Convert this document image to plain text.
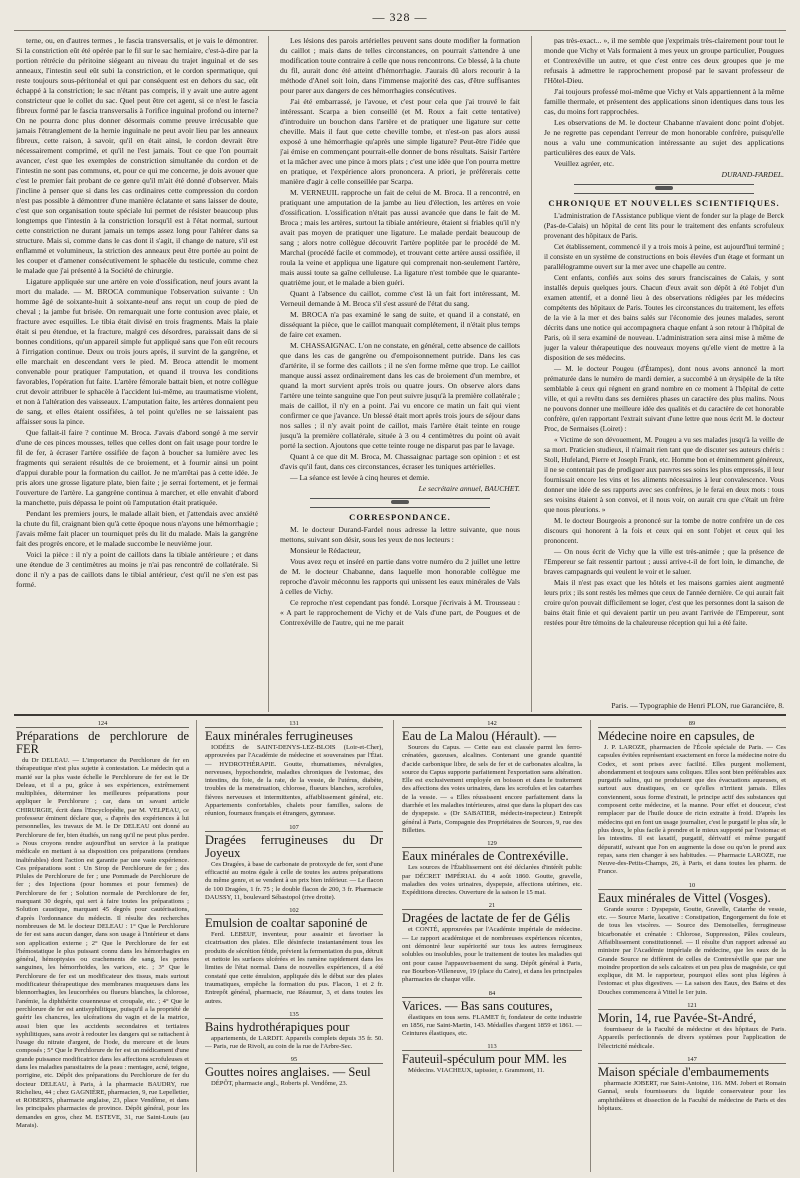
— 328 —

terne, ou, en d'autres termes , le fascia transversalis, et je vais le démontrer. Si la constriction eût été opérée par le fil sur le sac herniaire, c'est-à-dire par la portion rétrécie du péritoine siégeant au niveau du trajet inguinal et de ses anneaux, l'intestin seul eût subi la constriction, et le cordon spermatique, qui reste toujours sous-péritonéal et qui par conséquent est en dehors du sac, eût échappé à la constriction; le sac n'étant pas compris, il y avait une autre agent constricteur que le collet du sac. Quel peut être cet agent, si ce n'est le fascia fibreux formé par le fascia transversalis à l'orifice inguinal profond ou interne? On ne pourra donc plus donner désormais comme preuve irrécusable que jamais l'étranglement de la hernie inguinale ne peut avoir lieu par les anneaux fibreux, cette raison, à savoir, qu'il en était ainsi, le cordon devrait être nécessairement comprimé, et qu'il ne l'est jamais. Tout ce que l'on pourrait avancer, c'est que les exemples de constriction simultanée du cordon et de l'intestin ne sont pas communs, et, pour ce qui me concerne, je dois avouer que c'est le premier fait probant de ce genre qu'il m'ait été donné d'observer. Mais j'incline à penser que si dans les cas ordinaires cette compression du cordon n'est pas possible à démontrer d'une manière éclatante et sans laisser de doute, c'est que son organisation toute spéciale lui permet de résister beaucoup plus longtemps que l'intestin à la constriction lorsqu'il est à l'état normal, surtout cette constriction ne durant jamais un temps assez long pour l'altérer dans sa structure. Mais si, comme dans le cas dont il s'agit, il change de nature, s'il est enflammé et volumineux, la striction des anneaux peut être portée au point de les couper et d'amener consécutivement le sphacèle du testicule, comme chez le malade que j'ai présenté à la Société de chirurgie.

Ligature appliquée sur une artère en voie d'ossification, neuf jours avant la mort du malade. — M. BROCA communique l'observation suivante : Un homme âgé de soixante-huit à soixante-neuf ans reçut un coup de pied de cheval ; la jambe fut brisée. On remarquait une forte contusion avec plaie, et fracture avec esquilles. Le tibia était divisé en trois fragments. Mais la plaie était si peu étendue, et la fracture, malgré ces désordres, paraissait dans de si bonnes conditions, qu'un appareil simple fut appliqué sans que l'on eût recours à l'irrigation continue. Deux ou trois jours après, il survint de la gangrène, et elle marchait en descendant vers le pied. M. Broca attendit le moment convenable pour pratiquer l'amputation, et quand il trouva les conditions favorables, l'opération fut faite. L'artère fémorale battait bien, et notre collègue crut devoir attribuer le sphacèle à l'accident lui-même, au traumatisme violent, et non à l'altération des vaisseaux. L'amputation faite, les artères donnaient peu de sang, et elles étaient ossifiées, à tel point qu'elles ne se laissaient pas affaisser sous la pince.

Que fallait-il faire ? continue M. Broca. J'avais d'abord songé à me servir d'une de ces pinces mousses, telles que celles dont on fait usage pour tordre le fil de fer, à écraser l'artère ossifiée de façon à boucher sa lumière avec les fragments qui seraient résultés de ce broiement, et à fournir ainsi un point d'appui durable pour la formation du caillot. Je ne m'arrêtai pas à cette idée. Je pris alors une grosse ligature plate, bien faite ; je serrai fortement, et je fermai l'ouverture de l'artère. La gangrène continua à marcher, et elle envahit d'abord la manchette, puis dépassa le point où l'amputation était pratiquée.

Pendant les premiers jours, le malade allait bien, et j'attendais avec anxiété la chute du fil, craignant bien qu'à cette époque nous n'ayons une hémorrhagie ; j'avais même fait placer un tourniquet près du lit du malade. Mais la gangrène fait des progrès encore, et le malade succombe le neuvième jour.

Voici la pièce : il n'y a point de caillots dans la tibiale antérieure ; et dans une étendue de 3 centimètres au moins je n'ai pas rencontré de collatérale. Si donc il n'y a pas de caillots dans le tibial antérieur, c'est qu'il ne s'en est pas formé.

Les lésions des parois artérielles peuvent sans doute modifier la formation du caillot ; mais dans de telles circonstances, on pourrait s'attendre à une modification toute contraire à celle que nous rencontrons. Ce blessé, à la chute du fil, aurait donc été atteint d'hémorrhagie. J'aurais dû alors recourir à la méthode d'Anel soit loin, dans l'immense majorité des cas, d'être suffisantes pour parer aux dangers de ces hémorrhagies consécutives.

J'ai été embarrassé, je l'avoue, et c'est pour cela que j'ai trouvé le fait intéressant. Scarpa a bien conseillé (et M. Roux a fait cette tentative) d'introduire un bouchon dans l'artère et de pratiquer une ligature sur cette cheville. Mais il faut que cette cheville tombe, et n'est-on pas alors aussi exposé à une hémorrhagie qu'après une simple ligature? Peut-être l'idée que j'ai émise en commençant pourrait-elle donner de bons résultats. Saisir l'artère et la mâcher avec une pince à mors plats ; c'est une idée que l'on pourra mettre en pratique, et l'expérience alors prononcera. A priori, je préférerais cette manière d'agir à celle conseillée par Scarpa.

M. VERNEUIL rapproche un fait de celui de M. Broca. Il a rencontré, en pratiquant une amputation de la jambe au lieu d'élection, les artères en voie d'ossification. L'ossification n'était pas aussi avancée que dans le fait de M. Broca ; mais les artères, surtout la tibiale antérieure, étaient si friables qu'il n'y avait pas moyen de pratiquer une ligature. Le malade perdait beaucoup de sang ; alors notre collègue découvrit l'artère poplitée par le procédé de M. Marchal (procédé facile et commode), et trouvant cette artère aussi ossifiée, il roula la veine et appliqua une ligature qui comprenait non-seulement l'artère, mais aussi toute sa gaîne celluleuse. La ligature n'est tombée que le quarante-quatrième jour, et le malade a bien guéri.

Quant à l'absence du caillot, comme c'est là un fait fort intéressant, M. Verneuil demande à M. Broca s'il s'est assuré de l'état du sang.

M. BROCA n'a pas examiné le sang de suite, et quand il a constaté, en disséquant la pièce, que le caillot manquait complétement, il n'était plus temps de faire cet examen.

M. CHASSAIGNAC. L'on ne constate, en général, cette absence de caillots que dans les cas de gangrène ou d'empoisonnement putride. Dans les cas d'artérite, il se forme des caillots ; il ne s'en forme même que trop. Le caillot manque aussi assez ordinairement dans les cas de broiement d'un membre, et quand la mort survient après trois ou quatre jours. On observe alors dans l'artère une teinte sanguine que l'on peut suivre jusqu'à la première collatérale ; mais de caillot, il n'y en a point. J'ai vu encore ce matin un fait qui vient confirmer ce que j'avance. Un blessé était mort après trois jours de séjour dans nos salles ; il n'y avait point de caillot, mais l'artère était teinte en rouge jusqu'à la première collatérale, située à 3 ou 4 centimètres du point où avait porté la section. Ajoutons que cette teinte rouge ne disparut pas par le lavage.

Quant à ce que dit M. Broca, M. Chassaignac partage son opinion : et est d'avis qu'il faut, dans ces circonstances, écraser les tuniques artérielles.

— La séance est levée à cinq heures et demie.

Le secrétaire annuel, BAUCHET.

CORRESPONDANCE.

M. le docteur Durand-Fardel nous adresse la lettre suivante, que nous mettons, suivant son désir, sous les yeux de nos lecteurs :

Monsieur le Rédacteur,

Vous avez reçu et inséré en partie dans votre numéro du 2 juillet une lettre de M. le docteur Chabanne, dans laquelle mon honorable collègue me reproche d'avoir méconnu les rapports qui unissent les eaux minérales de Vals à celles de Vichy.

Ce reproche n'est cependant pas fondé. Lorsque j'écrivais à M. Trousseau : « A part le rapprochement de Vichy et de Vals d'une part, de Pougues et de Contrexéville de l'autre, qui ne me parait

pas très-exact... », il me semble que j'exprimais très-clairement pour tout le monde que Vichy et Vals formaient à mes yeux un groupe particulier, Pougues et Contrexéville un autre, et que c'est entre ces deux groupes que je me refusais à admettre le rapprochement proposé par le savant professeur de l'Hôtel-Dieu.

J'ai toujours professé moi-même que Vichy et Vals appartiennent à la même famille thermale, et présentent des applications sinon identiques dans tous les cas, du moins fort rapprochées.

Les observations de M. le docteur Chabanne n'avaient donc point d'objet. Je ne regrette pas cependant l'erreur de mon honorable confrère, puisqu'elle nous a valu une communication intéressante au sujet des applications particulières des eaux de Vals.

Veuillez agréer, etc.

DURAND-FARDEL.

CHRONIQUE ET NOUVELLES SCIENTIFIQUES.

L'administration de l'Assistance publique vient de fonder sur la plage de Berck (Pas-de-Calais) un hôpital de cent lits pour le traitement des enfants scrofuleux provenant des hôpitaux de Paris.

Cet établissement, commencé il y a trois mois à peine, est aujourd'hui terminé ; il consiste en un système de constructions en bois élevées d'un étage et formant un parallélogramme ouvert sur la mer avec une chapelle au centre.

Cent enfants, confiés aux soins des sœurs franciscaines de Calais, y sont installés depuis quelques jours. Chacun d'eux avait son dépôt à été l'objet d'un examen attentif, et a donné lieu à des observations rédigées par les médecins compétents des hôpitaux de Paris. Toutes les circonstances du traitement, les effets de la vie à la mer et des bains salés sur l'économie des jeunes malades, seront décrits dans une notice qui accompagnera chaque enfant à son retour à l'hôpital de Paris, où il sera examiné de nouveau. L'administration sera ainsi mise à même de juger la valeur thérapeutique des nouveaux moyens qu'elle vient de mettre à la disposition de ses médecins.

— M. le docteur Pougeu (d'Étampes), dont nous avons annoncé la mort prématurée dans le numéro de mardi dernier, a succombé à un érysipèle de la tête semblable à ceux qui régnent en grand nombre en ce moment à l'hôpital de cette ville, et qui a revêtu dans ses dernières phases un caractère des plus malins. Nous ne pouvons donner une meilleure idée des qualités et du caractère de cet honorable confrère, qu'en rapportant l'extrait suivant d'une lettre que nous écrit M. le docteur Proc, de Sermaises (Loiret) :

« Victime de son dévouement, M. Pougeu a vu ses malades jusqu'à la veille de sa mort. Praticien studieux, il n'aimait rien tant que de discuter ses auteurs chéris : Stoll, Hufeland, Pierre et Joseph Frank, etc. Homme bon et éminemment généreux, il ne se contentait pas de prodiguer aux pauvres ses soins les plus empressés, il leur fournissait encore les vins et les aliments nécessaires à leur convalescence. Vous donner une idée de ses rapports avec ses confrères, je le ferai en deux mots : tous ses voisins étaient à son convoi, et il nous voir, on aurait cru que c'était un frère que nous pleurions. »

M. le docteur Bourgeois a prononcé sur la tombe de notre confrère un de ces discours qui honorent à la fois et ceux qui en sont l'objet et ceux qui les prononcent.

— On nous écrit de Vichy que la ville est très-animée ; que la présence de l'Empereur se fait ressentir partout ; aussi arrive-t-il de fort loin, le dimanche, de braves campagnards qui veulent le voir et le saluer.

Mais il n'est pas exact que les hôtels et les maisons garnies aient augmenté leurs prix ; ils sont restés les mêmes que ceux de l'année dernière. Ce qui aurait fait croire qu'on pouvait difficilement se loger, c'est que les personnes dont la saison de bains était finie et qui devaient partir un peu avant l'arrivée de l'Empereur, sont restées pour être témoins de la chaleureuse réception qui lui a été faite.

Paris. — Typographie de Henri PLON, rue Garancière, 8.
124
Préparations de perchlorure de FER

du Dr DELEAU. — L'importance du Perchlorure de fer en thérapeutique n'est plus sujette à contestation. Le médecin qui a manié sur la plus vaste échelle le Perchlorure de fer est le Dr Deleau, et il a pu, grâce à ses expériences, extrêmement multipliées, déterminer les meilleures préparations pour appliquer le Perchlorure ; car, dans un savant article CHIRURGIE, écrit dans l'Encyclopédie, par M. VELPEAU, ce professeur éminent déclare que, « d'après des expériences à lui personnelles, les travaux de M. le Dr DELEAU ont donné au Perchlorure de fer, bien étudiés, un rang qu'il ne peut plus perdre. » Nous croyons rendre aujourd'hui un service à la pratique médicale en mettant à sa disposition ces préparations (rendues inaltérables) dont l'action est garantie par une vaste expérience. Ces préparations sont : Un Sirop de Perchlorure de fer ; des Pilules de Perchlorure de fer ; une Pommade de Perchlorure de fer ; des Injections (pour hommes et pour femmes) de Perchlorure de fer ; Solution normale de Perchlorure de fer, marquant 30 degrés, qui sert à faire toutes les préparations ; Solution caustique, marquant 45 degrés pour cautérisations, d'après l'ordonnance du médecin. Il résulte des recherches nombreuses de M. le docteur DELEAU : 1° Que le Perchlorure de fer est sans aucun danger, dans son usage à l'intérieur et dans son application externe ; 2° Que le Perchlorure de fer est l'hémostatique le plus puissant connu dans les hémorrhagies en général, hémoptysies ou crachements de sang, les pertes sanguines, les hémorrhoïdes, les varices, etc. ; 3° Que le Perchlorure de fer est un modificateur des tissus, mais surtout modificateur thérapeutique des membranes muqueuses dans les blennorrhagies, les leucorrhées ou flueurs blanches, la chlorose, l'anémie, la diphthérite couenneuse et croupale, etc. ; 4° Que le perchlorure de fer est antisyphilitique, puisqu'il a la propriété de guérir les chancres, les ulcérations du vagin et de la matrice, aussi bien que les accidents secondaires et tertiaires syphilitiques, sans avoir à redouter les dangers qui se rattachent à l'usage du nitrate d'argent, de l'iode, du mercure et de leurs composés ; 5° Que le Perchlorure de fer est un médicament d'une grande puissance modificatrice dans les affections scrofuleuses et dans les maladies parasitaires de la peau : mentagre, acné, teigne, porrigine, etc. Dépôt des préparations du Perchlorure de fer du docteur DELEAU, à Paris, à la pharmacie BAUDRY, rue Richelieu, 44 ; chez GAGNIÈRE, pharmacien, 9, rue Lepelletier, et ROBERTS, pharmacie anglaise, 23, place Vendôme, et dans les principales pharmacies de province. Dépôt général, pour les demandes en gros, chez M. ESTEVE, 31, rue Saint-Louis (au Marais).

131
Eaux minérales ferrugineuses

IODÉES de SAINT-DENYS-LEZ-BLOIS (Loir-et-Cher), approuvées par l'Académie de médecine et souveraines par l'État. — HYDROTHÉRAPIE. Goutte, rhumatismes, névralgies, nerveuses, hypochondrie, maladies chroniques de l'estomac, des intestins, du foie, de la rate, de la vessie, de l'utérus, diabète, troubles de la menstruation, chlorose, flueurs blanches, scrofules, fièvres nerveuses et intermittentes, affaiblissement général, etc. Appartements confortables, chalets pour familles, salons de réunion, fournaux français et étrangers, gymnase.

107
Dragées ferrugineuses du Dr Joyeux

Ces Dragées, à base de carbonate de protoxyde de fer, sont d'une efficacité au moins égale à celle de toutes les autres préparations du même genre, et se vendent à un prix bien inférieur. — Le flacon de 100 Dragées, 1 fr. 75 ; le double flacon de 200, 3 fr. Pharmacie DAUSSY, 11, boulevard Sébastopol (rive droite).

102
Emulsion de coaltar saponiné de

Ferd. LEBEUF, inventeur, pour assainir et favoriser la cicatrisation des plaies. Elle désinfecte instantanément tous les produits de sécrétion fétide, prévient la fermentation du pus, détruit et nettoie les surfaces ulcérées et les ramène rapidement dans les limites de l'état normal. Dans de nouvelles expériences, il a été constaté que cette émulsion, appliquée dès le début sur des plaies traumatiques, empêche la formation du pus. Flacon, 1 et 2 fr. Entrepôt général, pharmacie, rue Réaumur, 3, et dans toutes les autres.

135
Bains hydrothérapiques pour

appartements, de LARDIT. Appareils complets depuis 35 fr. 50. — Paris, rue de Rivoli, au coin de la rue de l'Arbre-Sec.

95
Gouttes noires anglaises. — Seul

DÉPÔT, pharmacie angl., Roberts pl. Vendôme, 23.

142
Eau de La Malou (Hérault). —

Sources du Capus. — Cette eau est classée parmi les ferro-crénatées, gazeuses, alcalines. Contenant une grande quantité d'acide carbonique libre, de sels de fer et de carbonates alcalins, la source du Capus supporte parfaitement l'exportation sans altération. Elle est exclusivement employée en boisson et dans le traitement des affections des voies urinaires, dans les scrofules et les catarrhes de la vessie. — « Elles réussissent encore parfaitement dans la diarrhée et les maladies intérieures, ainsi que dans la plupart des cas de dyspepsie. » (Dr SABATIER, médecin-inspecteur.) Entrepôt général à Paris, Compagnie des Propriétaires de Sources, 9, rue des Billettes.

129
Eaux minérales de Contrexéville.

Les sources de l'Établissement ont été déclarées d'intérêt public par DÉCRET IMPÉRIAL du 4 août 1860. Goutte, gravelle, maladies des voies urinaires, dyspepsie, affections utérines, etc. Expéditions directes. Ouverture de la saison le 15 mai.

21
Dragées de lactate de fer de Gélis

et CONTÉ, approuvées par l'Académie impériale de médecine. — Le rapport académique et de nombreuses expériences récentes, ont démontré leur supériorité sur tous les autres ferrugineux solubles ou insolubles, pour le traitement de toutes les maladies qui ont pour cause l'appauvrissement du sang. Dépôt général à Paris, rue Bourbon-Villeneuve, 19 (place du Caire), et dans les principales pharmacies de chaque ville.

84
Varices. — Bas sans coutures,

élastiques en tous sens. FLAMET fr, fondateur de cette industrie en 1856, rue Saint-Martin, 143. Médailles d'argent 1859 et 1861. — Ceintures élastiques, etc.

113
Fauteuil-spéculum pour MM. les

Médecins. VIACHEUX, tapissier, r. Grammont, 11.

89
Médecine noire en capsules, de

J. P. LAROZE, pharmacien de l'École spéciale de Paris. — Ces capsules évitées représentant exactement en force la médecine noire du Codex, et sont prises avec facilité. Elles purgent mollement, abondamment et toujours sans coliques. Elles sont bien préférables aux purgatifs salins, qui ne produisent que des évacuations aqueuses, et surtout aux drastiques, en ce qu'elles n'irritent jamais. Elles conviennent, sous forme d'extrait, le principe actif des substances qui composent cette médecine, et la manne. Pour effet et douceur, c'est remplacer par de l'huile douce de ricin extraite à froid. D'après les médecins qui en font un usage journalier, c'est le purgatif le plus sûr, le plus doux, le plus facile à prendre et le mieux supporté par l'estomac et les intestins. Il est laxatif, purgatif, dérivatif et même purgatif dépuratif, suivant que l'on en augmente la dose ou qu'on le prend aux repas, sans rien changer à ses habitudes. — Pharmacie LAROZE, rue Neuve-des-Petits-Champs, 26, à Paris, et dans toutes les pharm. de France.

10
Eaux minérales de Vittel (Vosges).

Grande source : Dyspepsie, Goutte, Gravelle, Catarrhe de vessie, etc. — Source Marie, laxative : Constipation, Engorgement du foie et de tous les viscères. — Source des Demoiselles, ferrugineuse bicarbonatée et crénatée : Chlorose, Suppression, Pâles couleurs, Affaiblissement constitutionnel. — Il résulte d'un rapport adressé au ministre par l'Académie impériale de médecine, que les eaux de la Grande Source ne diffèrent de celles de Contrexéville que par une moindre proportion de sels calcaires et un peu plus de magnésie, ce qui explique, dit M. le rapporteur, pourquoi elles sont plus légères à l'estomac et plus digestives. — La saison des Eaux, des Bains et des Douches commencera à Vittel le 1er juin.

121
Morin, 14, rue Pavée-St-André,

fournisseur de la Faculté de médecine et des hôpitaux de Paris. Appareils perfectionnés de divers systèmes pour l'application de l'électricité médicale.

147
Maison spéciale d'embaumements

pharmacie JOBERT, rue Saint-Antoine, 116. MM. Jobert et Romain Gannal, seuls fournisseurs du liquide conservateur pour les amphithéâtres et dissection de la Faculté de médecine de Paris et des hôpitaux.
